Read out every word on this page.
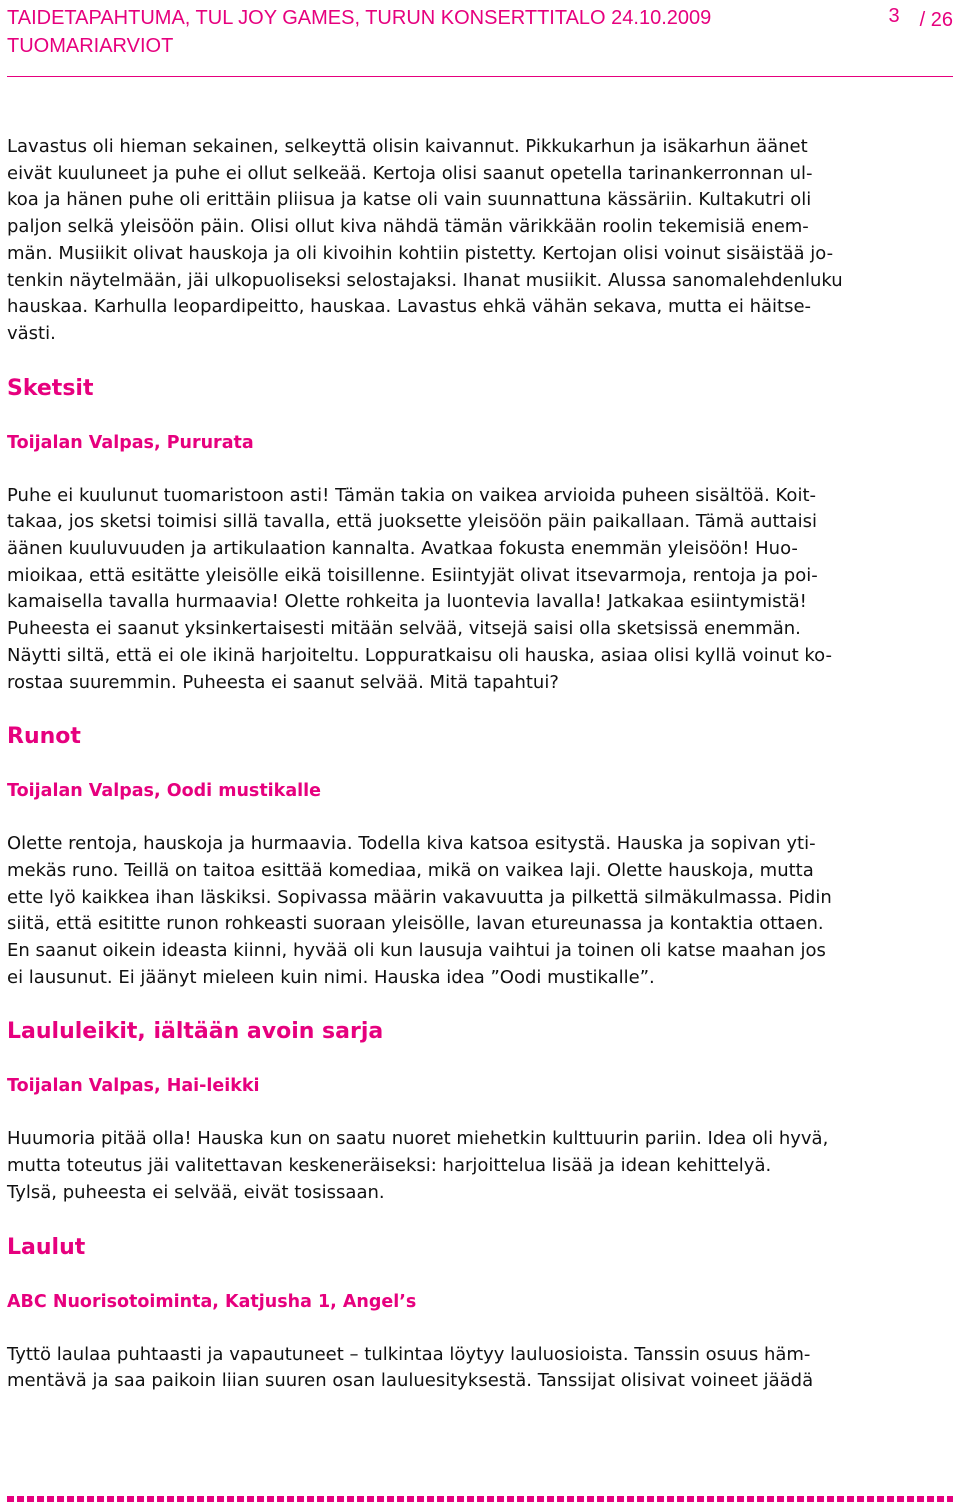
TAIDETAPAHTUMA, TUL JOY GAMES, TURUN KONSERTTITALO 24.10.2009
TUOMARIARVIOT
3 / 26

Lavastus oli hieman sekainen, selkeyttä olisin kaivannut. Pikkukarhun ja isäkarhun äänet
eivät kuuluneet ja puhe ei ollut selkeää. Kertoja olisi saanut opetella tarinankerronnan ul-
koa ja hänen puhe oli erittäin pliisua ja katse oli vain suunnattuna kässäriin. Kultakutri oli
paljon selkä yleisöön päin. Olisi ollut kiva nähdä tämän värikkään roolin tekemisiä enem-
män. Musiikit olivat hauskoja ja oli kivoihin kohtiin pistetty. Kertojan olisi voinut sisäistää jo-
tenkin näytelmään, jäi ulkopuoliseksi selostajaksi. Ihanat musiikit. Alussa sanomalehdenluku
hauskaa. Karhulla leopardipeitto, hauskaa. Lavastus ehkä vähän sekava, mutta ei häitse-
västi.

Sketsit
Toijalan Valpas, Pururata

Puhe ei kuulunut tuomaristoon asti! Tämän takia on vaikea arvioida puheen sisältöä. Koit-
takaa, jos sketsi toimisi sillä tavalla, että juoksette yleisöön päin paikallaan. Tämä auttaisi
äänen kuuluvuuden ja artikulaation kannalta. Avatkaa fokusta enemmän yleisöön! Huo-
mioikaa, että esitätte yleisölle eikä toisillenne. Esiintyjät olivat itsevarmoja, rentoja ja poi-
kamaisella tavalla hurmaavia! Olette rohkeita ja luontevia lavalla! Jatkakaa esiintymistä!
Puheesta ei saanut yksinkertaisesti mitään selvää, vitsejä saisi olla sketsissä enemmän.
Näytti siltä, että ei ole ikinä harjoiteltu. Loppuratkaisu oli hauska, asiaa olisi kyllä voinut ko-
rostaa suuremmin. Puheesta ei saanut selvää. Mitä tapahtui?

Runot
Toijalan Valpas, Oodi mustikalle

Olette rentoja, hauskoja ja hurmaavia. Todella kiva katsoa esitystä. Hauska ja sopivan yti-
mekäs runo. Teillä on taitoa esittää komediaa, mikä on vaikea laji. Olette hauskoja, mutta
ette lyö kaikkea ihan läskiksi. Sopivassa määrin vakavuutta ja pilkettä silmäkulmassa. Pidin
siitä, että esititte runon rohkeasti suoraan yleisölle, lavan etureunassa ja kontaktia ottaen.
En saanut oikein ideasta kiinni, hyvää oli kun lausuja vaihtui ja toinen oli katse maahan jos
ei lausunut. Ei jäänyt mieleen kuin nimi. Hauska idea ”Oodi mustikalle”.

Laululeikit, iältään avoin sarja
Toijalan Valpas, Hai-leikki

Huumoria pitää olla! Hauska kun on saatu nuoret miehetkin kulttuurin pariin. Idea oli hyvä,
mutta toteutus jäi valitettavan keskeneräiseksi: harjoittelua lisää ja idean kehittelyä.
Tylsä, puheesta ei selvää, eivät tosissaan.

Laulut
ABC Nuorisotoiminta, Katjusha 1, Angel’s

Tyttö laulaa puhtaasti ja vapautuneet – tulkintaa löytyy lauluosioista. Tanssin osuus häm-
mentävä ja saa paikoin liian suuren osan lauluesityksestä. Tanssijat olisivat voineet jäädä
